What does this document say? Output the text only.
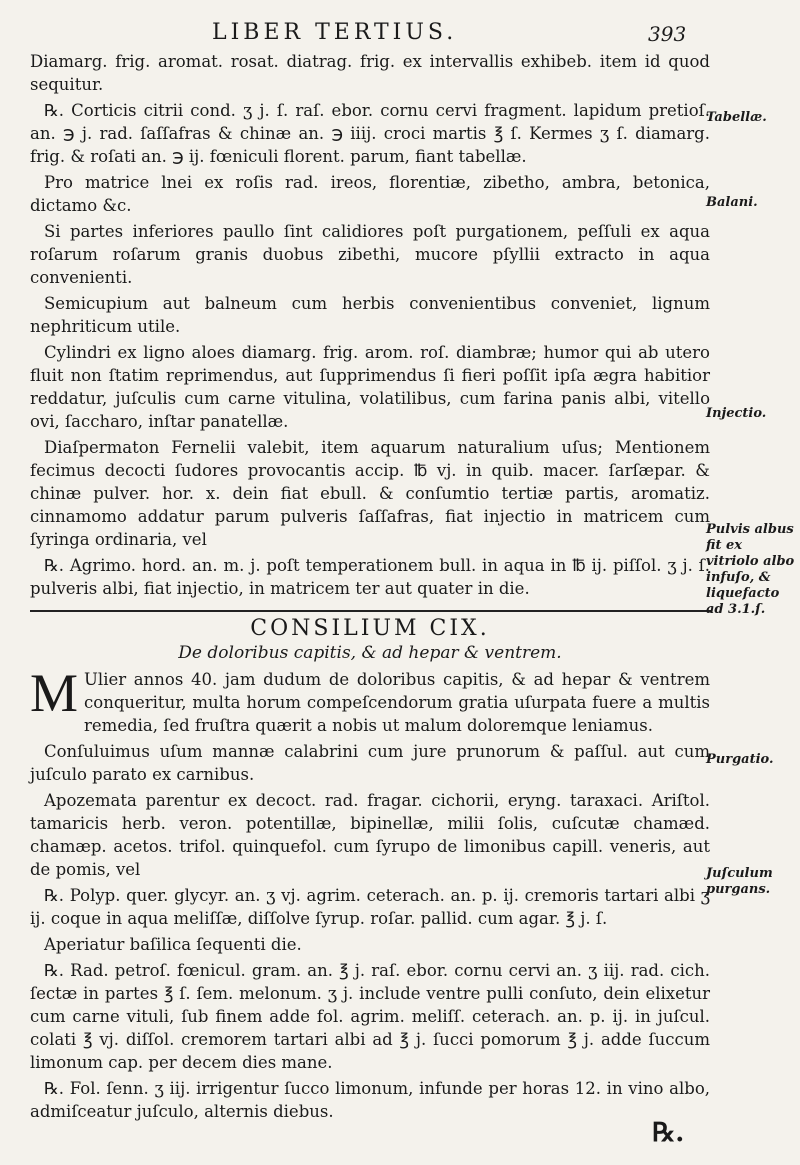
LIBER TERTIUS.	393

Diamarg. frig. aromat. rosat. diatrag. frig. ex intervallis exhibeb. item id quod sequitur.

℞. Corticis citrii cond. ʒ j. ſ. raſ. ebor. cornu cervi fragment. lapidum pretioſ. an. ℈ j. rad. ſaſſafras & chinæ an. ℈ iiij. croci martis ℥ ſ. Kermes ʒ ſ. diamarg. frig. & roſati an. ℈ ij. fœniculi florent. parum, fiant tabellæ.

Pro matrice lnei ex roſis rad. ireos, florentiæ, zibetho, ambra, betonica, dictamo &c.

Si partes inferiores paullo ſint calidiores poſt purgationem, peſſuli ex aqua roſarum roſarum granis duobus zibethi, mucore pſyllii extracto in aqua convenienti.

Semicupium aut balneum cum herbis convenientibus conveniet, lignum nephriticum utile.

Cylindri ex ligno aloes diamarg. frig. arom. roſ. diambræ; humor qui ab utero fluit non ſtatim reprimendus, aut ſupprimendus ſi fieri poſſit ipſa ægra habitior reddatur, juſculis cum carne vitulina, volatilibus, cum farina panis albi, vitello ovi, ſaccharo, inſtar panatellæ.

Diaſpermaton Fernelii valebit, item aquarum naturalium uſus; Mentionem fecimus decocti ſudores provocantis accip. ℔ vj. in quib. macer. ſarſæpar. & chinæ pulver. hor. x. dein fiat ebull. & conſumtio tertiæ partis, aromatiz. cinnamomo addatur parum pulveris ſaſſafras, fiat injectio in matricem cum ſyringa ordinaria, vel

℞. Agrimo. hord. an. m. j. poſt temperationem bull. in aqua in ℔ ij. piſſol. ʒ j. ſ. pulveris albi, fiat injectio, in matricem ter aut quater in die.

CONSILIUM CIX.
De doloribus capitis, & ad hepar & ventrem.

M Ulier annos 40. jam dudum de doloribus capitis, & ad hepar & ventrem conqueritur, multa horum compeſcendorum gratia uſurpata fuere a multis remedia, ſed fruſtra quærit a nobis ut malum doloremque leniamus.

Conſuluimus uſum mannæ calabrini cum jure prunorum & paſſul. aut cum juſculo parato ex carnibus.

Apozemata parentur ex decoct. rad. fragar. cichorii, eryng. taraxaci. Ariſtol. tamaricis herb. veron. potentillæ, bipinellæ, milii ſolis, cuſcutæ chamæd. chamæp. acetos. trifol. quinquefol. cum ſyrupo de limonibus capill. veneris, aut de pomis, vel

℞. Polyp. quer. glycyr. an. ʒ vj. agrim. ceterach. an. p. ij. cremoris tartari albi ʒ ij. coque in aqua meliſſæ, diſſolve ſyrup. roſar. pallid. cum agar. ℥ j. ſ.

Aperiatur baſilica ſequenti die.

℞. Rad. petroſ. fœnicul. gram. an. ℥ j. raſ. ebor. cornu cervi an. ʒ iij. rad. cich. ſectæ in partes ℥ ſ. ſem. melonum. ʒ j. include ventre pulli conſuto, dein elixetur cum carne vituli, ſub finem adde fol. agrim. meliſſ. ceterach. an. p. ij. in juſcul. colati ℥ vj. diſſol. cremorem tartari albi ad ℥ j. ſucci pomorum ℥ j. adde ſuccum limonum cap. per decem dies mane.

℞. Fol. ſenn. ʒ iij. irrigentur ſucco limonum, infunde per horas 12. in vino albo, admiſceatur juſculo, alternis diebus.

Tabellæ.
Balani.
Injectio.
Pulvis albus fit ex vitriolo albo infuſo, & liquefacto ad 3.1.ſ.
Purgatio.
Juſculum purgans.
℞.
